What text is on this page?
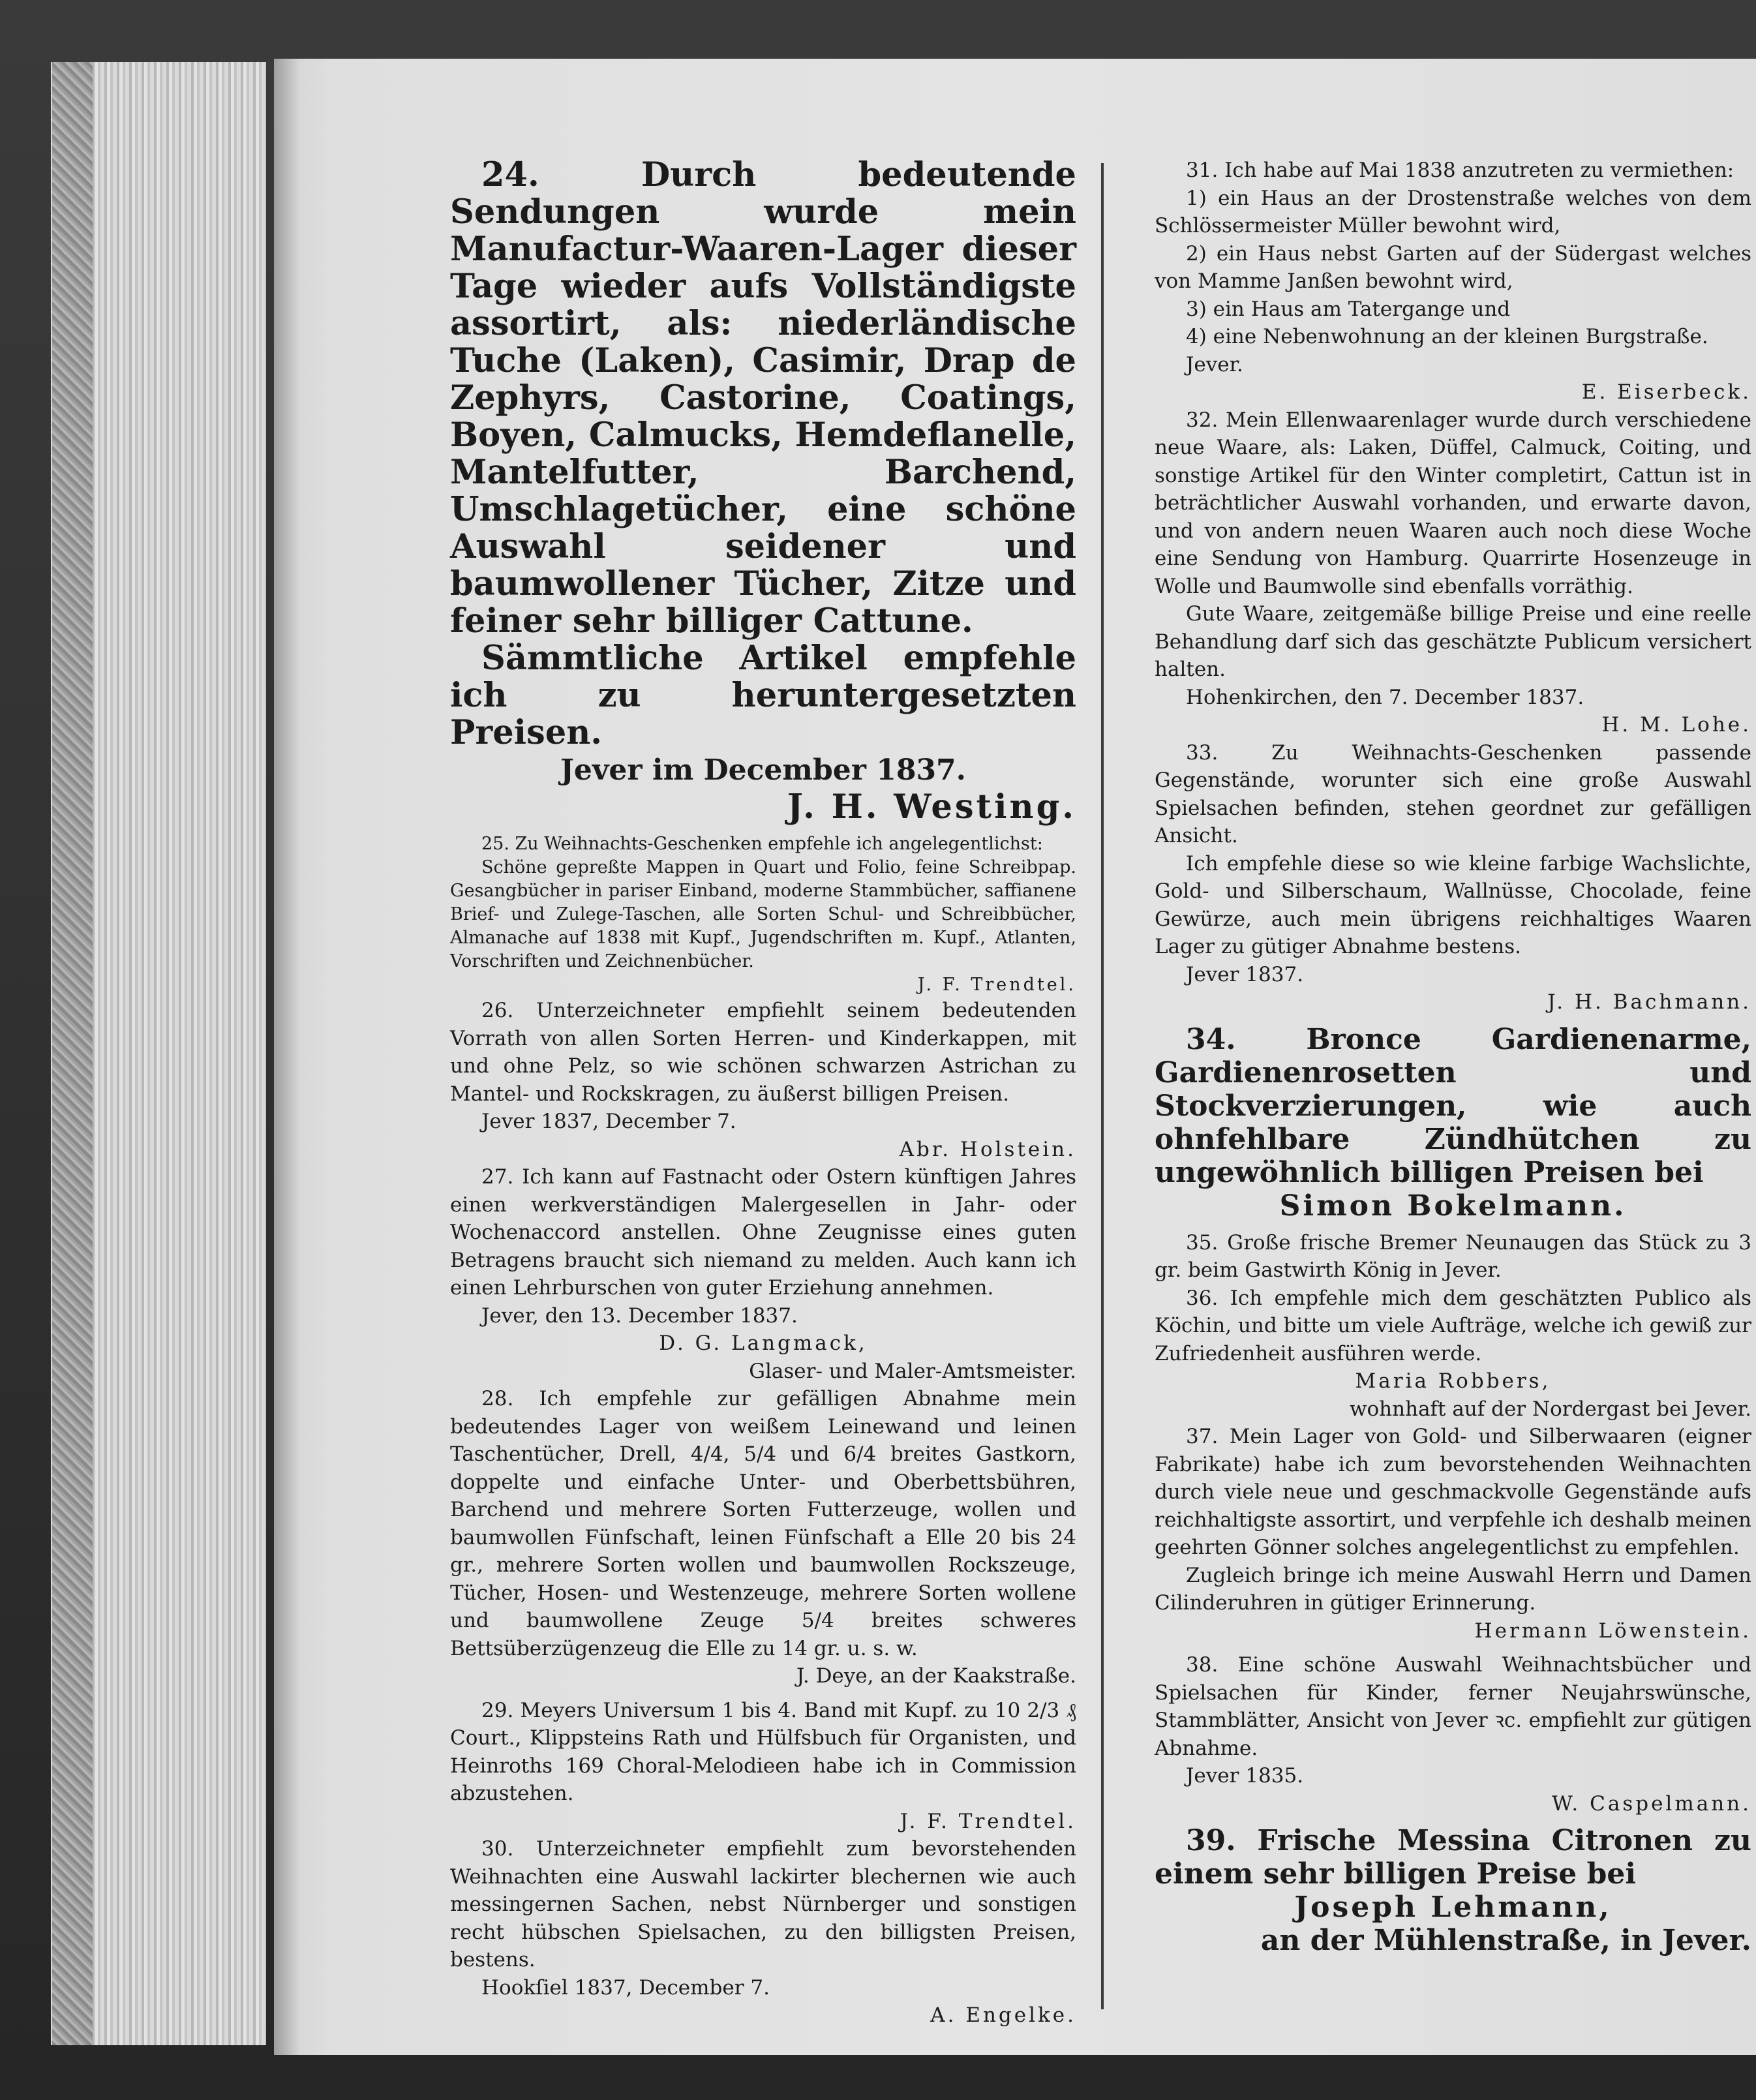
24. Durch bedeutende Sendungen wurde mein Manufactur-Waaren-Lager dieser Tage wieder aufs Vollständigste assortirt, als: niederländische Tuche (Laken), Casimir, Drap de Zephyrs, Castorine, Coatings, Boyen, Calmucks, Hemdeflanelle, Mantelfutter, Barchend, Umschlagetücher, eine schöne Auswahl seidener und baumwollener Tücher, Zitze und feiner sehr billiger Cattune.

Sämmtliche Artikel empfehle ich zu heruntergesetzten Preisen.

Jever im December 1837.

J. H. Westing.

25. Zu Weihnachts-Geschenken empfehle ich angelegentlichst:

Schöne gepreßte Mappen in Quart und Folio, feine Schreibpap. Gesangbücher in pariser Einband, moderne Stammbücher, saffianene Brief- und Zulege-Taschen, alle Sorten Schul- und Schreibbücher, Almanache auf 1838 mit Kupf., Jugendschriften m. Kupf., Atlanten, Vorschriften und Zeichnenbücher.

J. F. Trendtel.

26. Unterzeichneter empfiehlt seinem bedeutenden Vorrath von allen Sorten Herren- und Kinderkappen, mit und ohne Pelz, so wie schönen schwarzen Astrichan zu Mantel- und Rockskragen, zu äußerst billigen Preisen.

Jever 1837, December 7.

Abr. Holstein.

27. Ich kann auf Fastnacht oder Ostern künftigen Jahres einen werkverständigen Malergesellen in Jahr- oder Wochenaccord anstellen. Ohne Zeugnisse eines guten Betragens braucht sich niemand zu melden. Auch kann ich einen Lehrburschen von guter Erziehung annehmen.

Jever, den 13. December 1837.

D. G. Langmack,

Glaser- und Maler-Amtsmeister.

28. Ich empfehle zur gefälligen Abnahme mein bedeutendes Lager von weißem Leinewand und leinen Taschentücher, Drell, 4/4, 5/4 und 6/4 breites Gastkorn, doppelte und einfache Unter- und Oberbettsbühren, Barchend und mehrere Sorten Futterzeuge, wollen und baumwollen Fünfschaft, leinen Fünfschaft a Elle 20 bis 24 gr., mehrere Sorten wollen und baumwollen Rockszeuge, Tücher, Hosen- und Westenzeuge, mehrere Sorten wollene und baumwollene Zeuge 5/4 breites schweres Bettsüberzügenzeug die Elle zu 14 gr. u. s. w.

J. Deye, an der Kaakstraße.

29. Meyers Universum 1 bis 4. Band mit Kupf. zu 10 2/3 ₰ Court., Klippsteins Rath und Hülfsbuch für Organisten, und Heinroths 169 Choral-Melodieen habe ich in Commission abzustehen.

J. F. Trendtel.

30. Unterzeichneter empfiehlt zum bevorstehenden Weihnachten eine Auswahl lackirter blechernen wie auch messingernen Sachen, nebst Nürnberger und sonstigen recht hübschen Spielsachen, zu den billigsten Preisen, bestens.

Hookſiel 1837, December 7.

A. Engelke.

31. Ich habe auf Mai 1838 anzutreten zu vermiethen:

1) ein Haus an der Drostenstraße welches von dem Schlössermeister Müller bewohnt wird,

2) ein Haus nebst Garten auf der Südergast welches von Mamme Janßen bewohnt wird,

3) ein Haus am Tatergange und

4) eine Nebenwohnung an der kleinen Burgstraße.

Jever.

E. Eiserbeck.

32. Mein Ellenwaarenlager wurde durch verschiedene neue Waare, als: Laken, Düffel, Calmuck, Coiting, und sonstige Artikel für den Winter completirt, Cattun ist in beträchtlicher Auswahl vorhanden, und erwarte davon, und von andern neuen Waaren auch noch diese Woche eine Sendung von Hamburg. Quarrirte Hosenzeuge in Wolle und Baumwolle sind ebenfalls vorräthig.

Gute Waare, zeitgemäße billige Preise und eine reelle Behandlung darf sich das geschätzte Publicum versichert halten.

Hohenkirchen, den 7. December 1837.

H. M. Lohe.

33. Zu Weihnachts-Geschenken passende Gegenstände, worunter sich eine große Auswahl Spielsachen befinden, stehen geordnet zur gefälligen Ansicht.

Ich empfehle diese so wie kleine farbige Wachslichte, Gold- und Silberschaum, Wallnüsse, Chocolade, feine Gewürze, auch mein übrigens reichhaltiges Waaren Lager zu gütiger Abnahme bestens.

Jever 1837.

J. H. Bachmann.

34. Bronce Gardienenarme, Gardienenrosetten und Stockverzierungen, wie auch ohnfehlbare Zündhütchen zu ungewöhnlich billigen Preisen bei

Simon Bokelmann.

35. Große frische Bremer Neunaugen das Stück zu 3 gr. beim Gastwirth König in Jever.

36. Ich empfehle mich dem geschätzten Publico als Köchin, und bitte um viele Aufträge, welche ich gewiß zur Zufriedenheit ausführen werde.

Maria Robbers,

wohnhaft auf der Nordergast bei Jever.

37. Mein Lager von Gold- und Silberwaaren (eigner Fabrikate) habe ich zum bevorstehenden Weihnachten durch viele neue und geschmackvolle Gegenstände aufs reichhaltigste assortirt, und verpfehle ich deshalb meinen geehrten Gönner solches angelegentlichst zu empfehlen.

Zugleich bringe ich meine Auswahl Herrn und Damen Cilinderuhren in gütiger Erinnerung.

Hermann Löwenstein.

38. Eine schöne Auswahl Weihnachtsbücher und Spielsachen für Kinder, ferner Neujahrswünsche, Stammblätter, Ansicht von Jever ꝛc. empfiehlt zur gütigen Abnahme.

Jever 1835.

W. Caspelmann.

39. Frische Messina Citronen zu einem sehr billigen Preise bei

Joseph Lehmann,

an der Mühlenstraße, in Jever.
